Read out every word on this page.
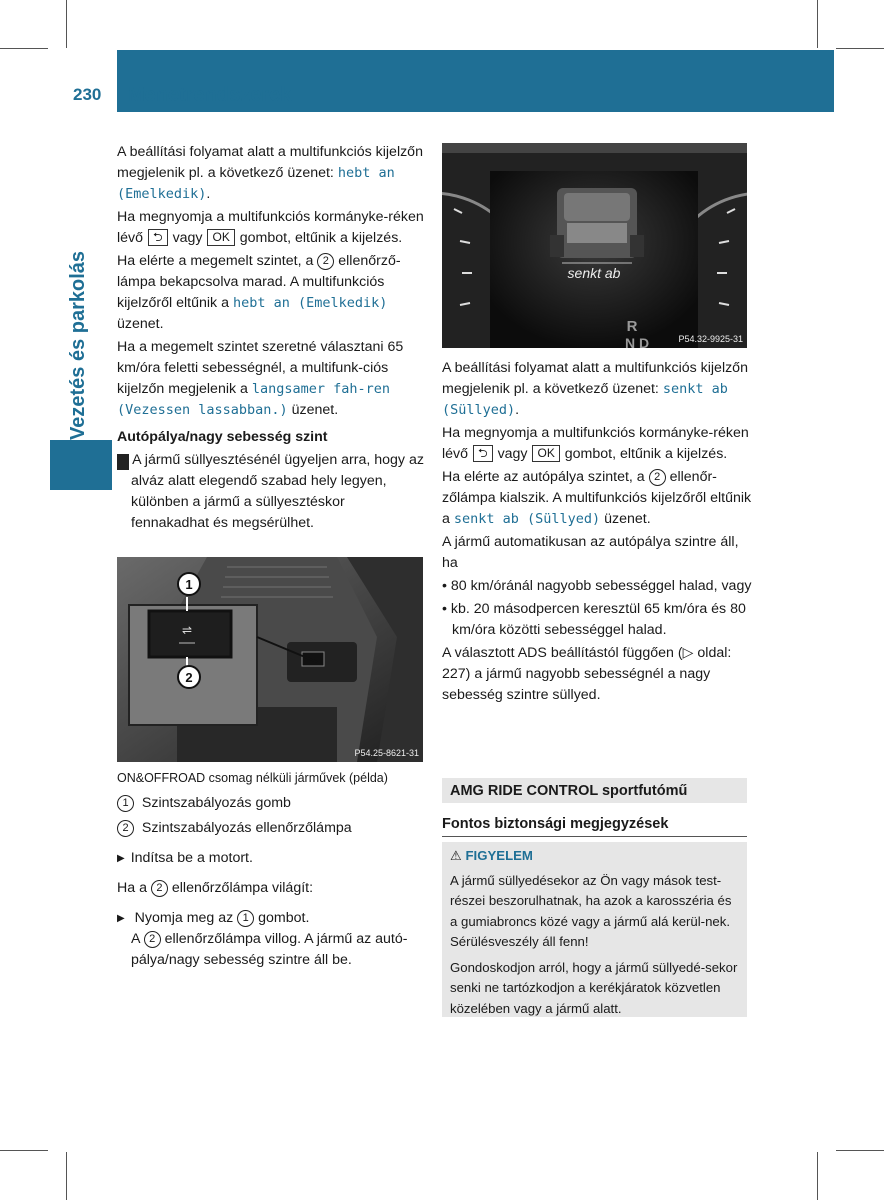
230 Menetrendszerek
Vezetés és parkolás

A beállítási folyamat alatt a multifunkciós kijelzőn megjelenik pl. a következő üzenet: hebt an (Emelkedik).

Ha megnyomja a multifunkciós kormányke-réken lévő ⮌ vagy OK gombot, eltűnik a kijelzés.

Ha elérte a megemelt szintet, a 2 ellenőrző-lámpa bekapcsolva marad. A multifunkciós kijelzőről eltűnik a hebt an (Emelkedik) üzenet.

Ha a megemelt szintet szeretné választani 65 km/óra feletti sebességnél, a multifunk-ciós kijelzőn megjelenik a langsamer fah-ren (Vezessen lassabban.) üzenet.

Autópálya/nagy sebesség szint

! A jármű süllyesztésénél ügyeljen arra, hogy az alváz alatt elegendő szabad hely legyen, különben a jármű a süllyesztéskor fennakadhat és megsérülhet.

⇌
1
2
P54.25-8621-31

ON&OFFROAD csomag nélküli járművek (példa)

1 Szintszabályozás gomb

2 Szintszabályozás ellenőrzőlámpa

▶ Indítsa be a motort.

Ha a 2 ellenőrzőlámpa világít:

▶ Nyomja meg az 1 gombot.

A 2 ellenőrzőlámpa villog. A jármű az autó-pálya/nagy sebesség szintre áll be.

senkt ab
R
N D	P54.32-9925-31

A beállítási folyamat alatt a multifunkciós kijelzőn megjelenik pl. a következő üzenet: senkt ab (Süllyed).

Ha megnyomja a multifunkciós kormányke-réken lévő ⮌ vagy OK gombot, eltűnik a kijelzés.

Ha elérte az autópálya szintet, a 2 ellenőr-zőlámpa kialszik. A multifunkciós kijelzőről eltűnik a senkt ab (Süllyed) üzenet.

A jármű automatikusan az autópálya szintre áll, ha

• 80 km/óránál nagyobb sebességgel halad, vagy

• kb. 20 másodpercen keresztül 65 km/óra és 80 km/óra közötti sebességgel halad.

A választott ADS beállítástól függően (▷ oldal: 227) a jármű nagyobb sebességnél a nagy sebesség szintre süllyed.

AMG RIDE CONTROL sportfutómű
Fontos biztonsági megjegyzések

⚠ FIGYELEM

A jármű süllyedésekor az Ön vagy mások test-részei beszorulhatnak, ha azok a karosszéria és a gumiabroncs közé vagy a jármű alá kerül-nek. Sérülésveszély áll fenn!

Gondoskodjon arról, hogy a jármű süllyedé-sekor senki ne tartózkodjon a kerékjáratok közvetlen közelében vagy a jármű alatt.
